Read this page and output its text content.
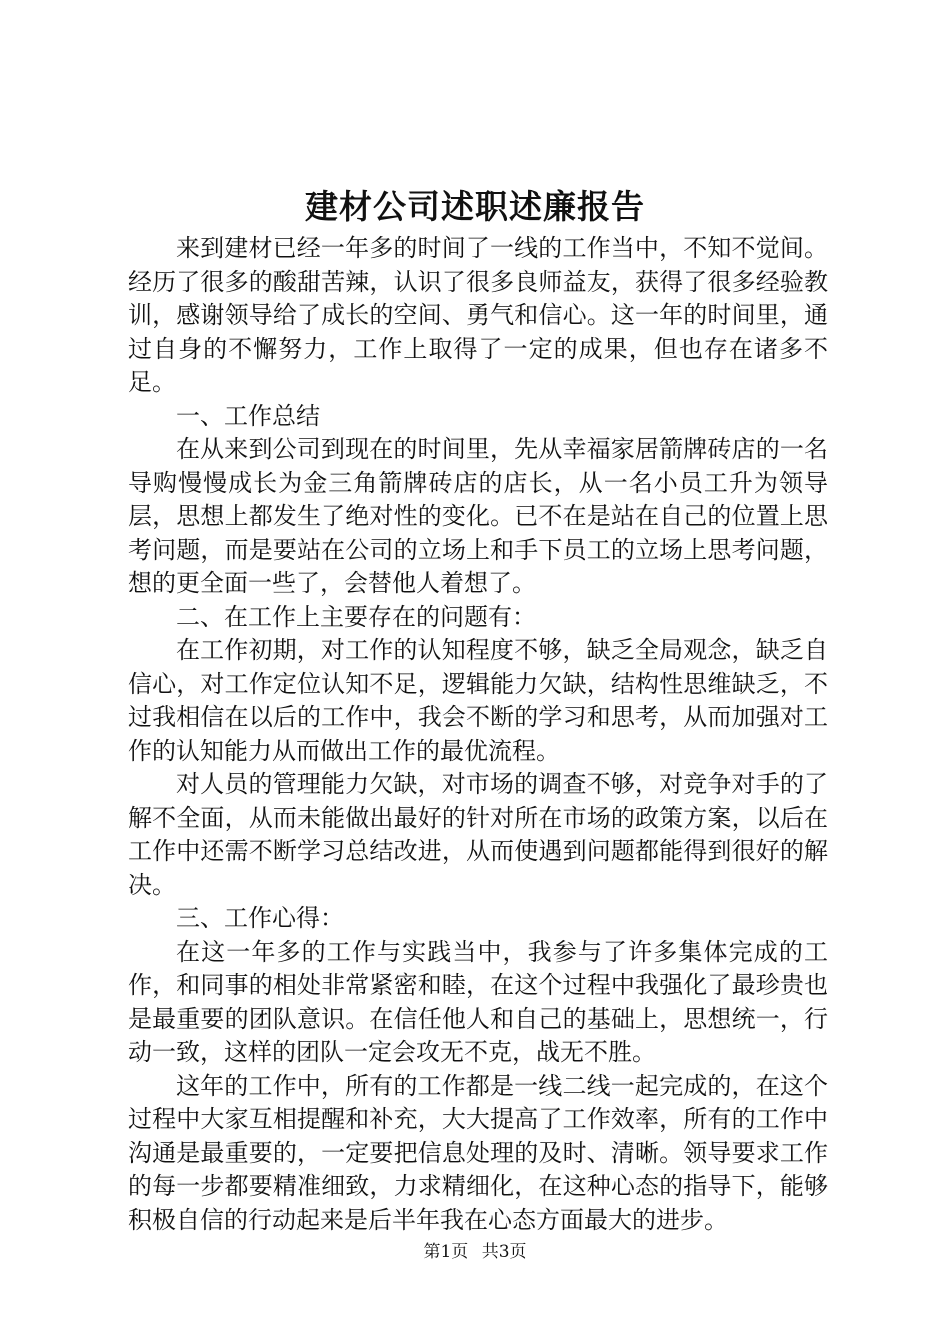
建材公司述职述廉报告

来到建材已经一年多的时间了一线的工作当中，不知不觉间。经历了很多的酸甜苦辣，认识了很多良师益友，获得了很多经验教训，感谢领导给了成长的空间、勇气和信心。这一年的时间里，通过自身的不懈努力，工作上取得了一定的成果，但也存在诸多不足。

一、工作总结

在从来到公司到现在的时间里，先从幸福家居箭牌砖店的一名导购慢慢成长为金三角箭牌砖店的店长，从一名小员工升为领导层，思想上都发生了绝对性的变化。已不在是站在自己的位置上思考问题，而是要站在公司的立场上和手下员工的立场上思考问题，想的更全面一些了，会替他人着想了。

二、在工作上主要存在的问题有：

在工作初期，对工作的认知程度不够，缺乏全局观念，缺乏自信心，对工作定位认知不足，逻辑能力欠缺，结构性思维缺乏，不过我相信在以后的工作中，我会不断的学习和思考，从而加强对工作的认知能力从而做出工作的最优流程。

对人员的管理能力欠缺，对市场的调查不够，对竞争对手的了解不全面，从而未能做出最好的针对所在市场的政策方案，以后在工作中还需不断学习总结改进，从而使遇到问题都能得到很好的解决。

三、工作心得：

在这一年多的工作与实践当中，我参与了许多集体完成的工作，和同事的相处非常紧密和睦，在这个过程中我强化了最珍贵也是最重要的团队意识。在信任他人和自己的基础上，思想统一，行动一致，这样的团队一定会攻无不克，战无不胜。

这年的工作中，所有的工作都是一线二线一起完成的，在这个过程中大家互相提醒和补充，大大提高了工作效率，所有的工作中沟通是最重要的，一定要把信息处理的及时、清晰。领导要求工作的每一步都要精准细致，力求精细化，在这种心态的指导下，能够积极自信的行动起来是后半年我在心态方面最大的进步。

第1页 共3页
